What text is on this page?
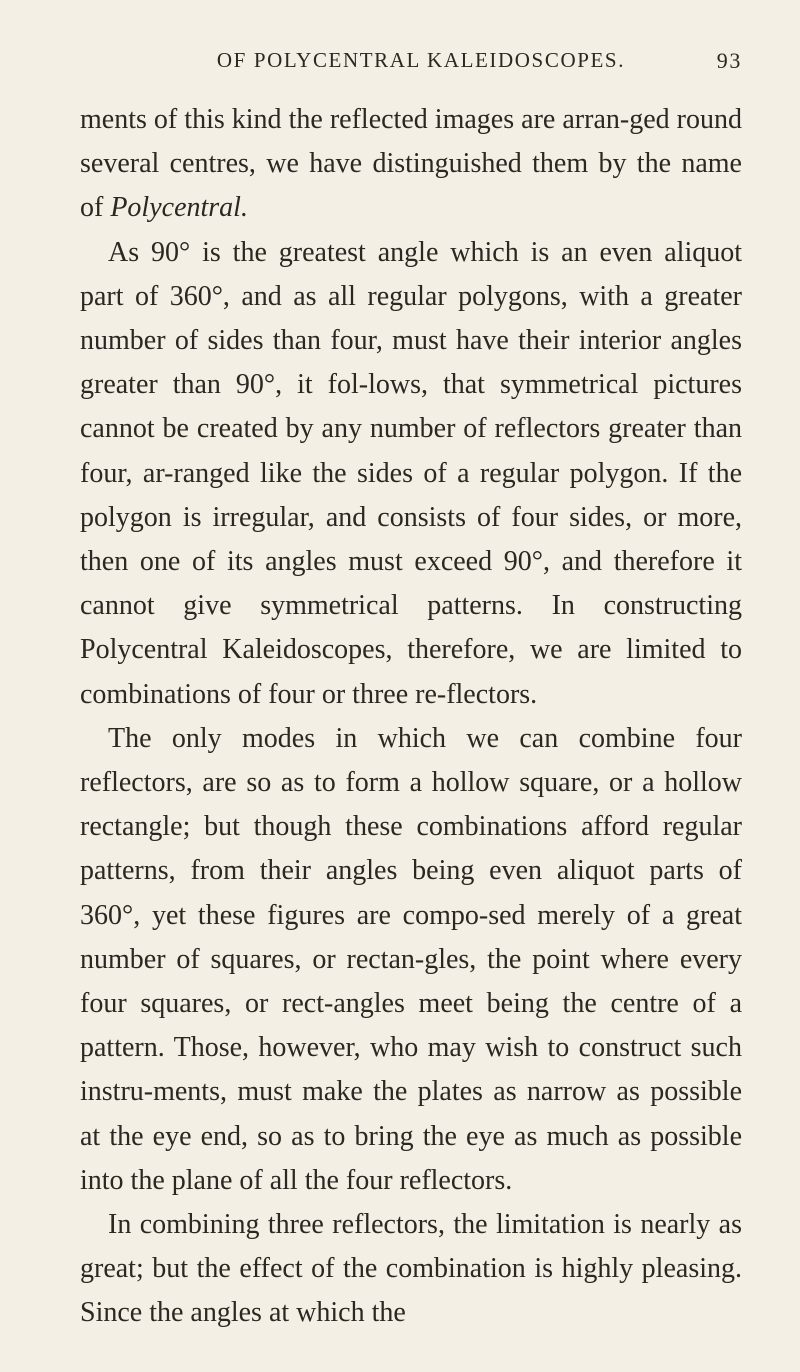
OF POLYCENTRAL KALEIDOSCOPES.	93

ments of this kind the reflected images are arran-ged round several centres, we have distinguished them by the name of Polycentral.

As 90° is the greatest angle which is an even aliquot part of 360°, and as all regular polygons, with a greater number of sides than four, must have their interior angles greater than 90°, it fol-lows, that symmetrical pictures cannot be created by any number of reflectors greater than four, ar-ranged like the sides of a regular polygon. If the polygon is irregular, and consists of four sides, or more, then one of its angles must exceed 90°, and therefore it cannot give symmetrical patterns. In constructing Polycentral Kaleidoscopes, therefore, we are limited to combinations of four or three re-flectors.

The only modes in which we can combine four reflectors, are so as to form a hollow square, or a hollow rectangle; but though these combinations afford regular patterns, from their angles being even aliquot parts of 360°, yet these figures are compo-sed merely of a great number of squares, or rectan-gles, the point where every four squares, or rect-angles meet being the centre of a pattern. Those, however, who may wish to construct such instru-ments, must make the plates as narrow as possible at the eye end, so as to bring the eye as much as possible into the plane of all the four reflectors.

In combining three reflectors, the limitation is nearly as great; but the effect of the combination is highly pleasing. Since the angles at which the
